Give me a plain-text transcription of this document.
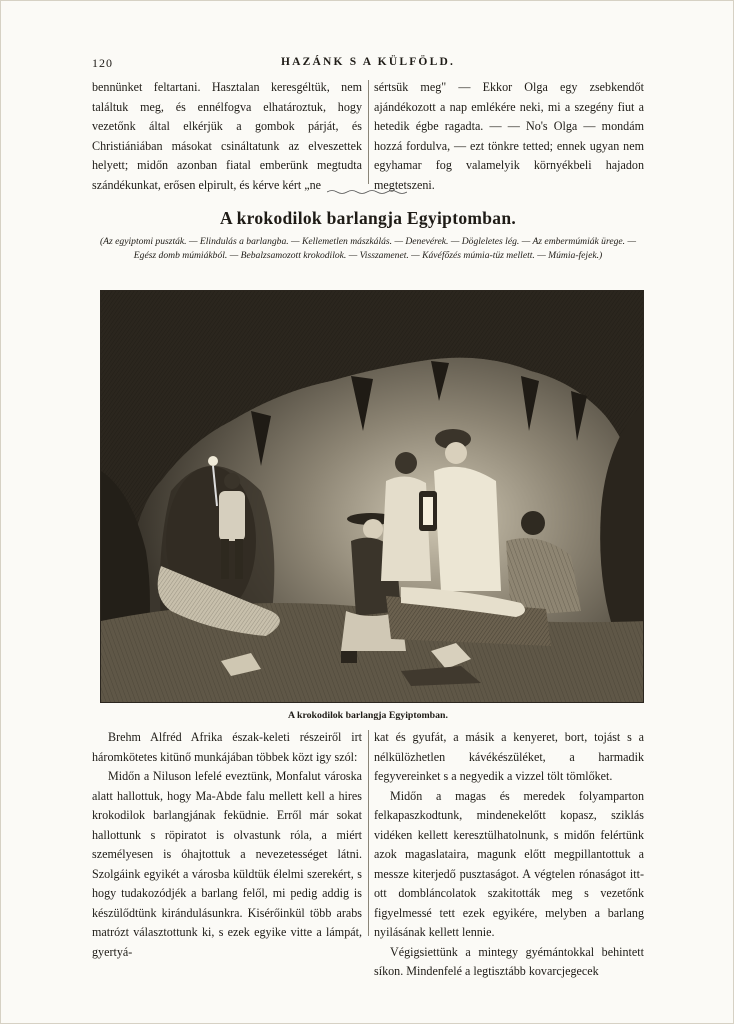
120	HAZÁNK S A KÜLFÖLD.

bennünket feltartani. Hasztalan keresgéltük, nem találtuk meg, és ennélfogva elhatároztuk, hogy vezetőnk által elkérjük a gombok párját, és Christiániában másokat csináltatunk az elveszettek helyett; midőn azonban fiatal emberünk megtudta szándékunkat, erősen elpirult, és kérve kért „ne

sértsük meg" — Ekkor Olga egy zsebkendőt ajándékozott a nap emlékére neki, mi a szegény fiut a hetedik égbe ragadta. — — No's Olga — mondám hozzá fordulva, — ezt tönkre tetted; ennek ugyan nem egyhamar fog valamelyik környékbeli hajadon megtetszeni.

A krokodilok barlangja Egyiptomban.
(Az egyiptomi puszták. — Elindulás a barlangba. — Kellemetlen mászkálás. — Denevérek. — Dögleletes lég. — Az embermúmiák ürege. — Egész domb múmiákból. — Bebalzsamozott krokodilok. — Visszamenet. — Kávéfőzés múmia-tüz mellett. — Múmia-fejek.)
A krokodilok barlangja Egyiptomban.

Brehm Alfréd Afrika észak-keleti részeiről irt háromkötetes kitünő munkájában többek közt igy szól:

Midőn a Niluson lefelé eveztünk, Monfalut városka alatt hallottuk, hogy Ma-Abde falu mellett kell a hires krokodilok barlangjának feküdnie. Erről már sokat hallottunk s röpiratot is olvastunk róla, a miért személyesen is óhajtottuk a nevezetességet látni. Szolgáink egyikét a városba küldtük élelmi szerekért, s hogy tudakozódjék a barlang felől, mi pedig addig is készülődtünk kirándulásunkra. Kisérőinkül több arabs matrózt választottunk ki, s ezek egyike vitte a lámpát, gyertyá-

kat és gyufát, a másik a kenyeret, bort, tojást s a nélkülözhetlen kávékészüléket, a harmadik fegyvereinket s a negyedik a vizzel tölt tömlőket.

Midőn a magas és meredek folyamparton felkapaszkodtunk, mindenekelőtt kopasz, sziklás vidéken kellett keresztülhatolnunk, s midőn felértünk azok magaslataira, magunk előtt megpillantottuk a messze kiterjedő pusztaságot. A végtelen rónaságot itt-ott dombláncolatok szakitották meg s vezetőnk figyelmessé tett ezek egyikére, melyben a barlang nyilásának kellett lennie.

Végigsiettünk a mintegy gyémántokkal behintett síkon. Mindenfelé a legtisztább kovarcjegecek
